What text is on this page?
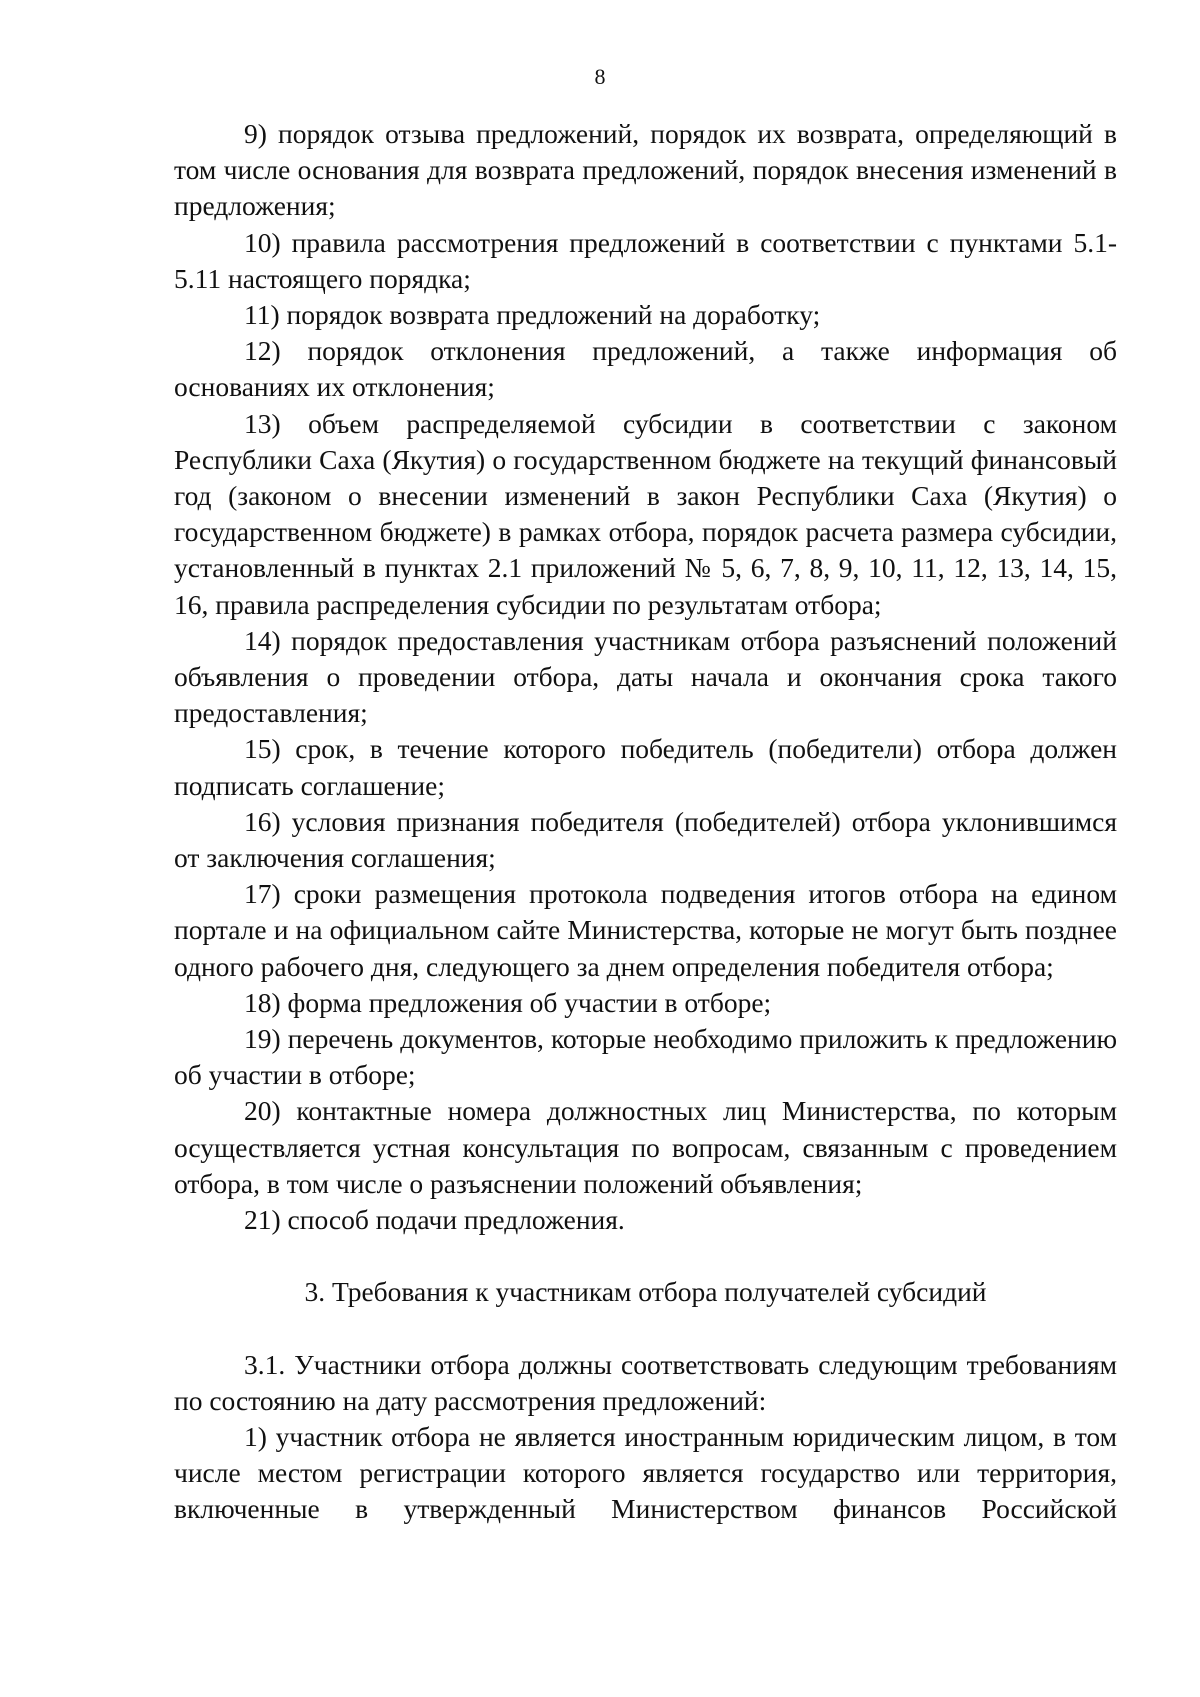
8

9) порядок отзыва предложений, порядок их возврата, определяющий в том числе основания для возврата предложений, порядок внесения изменений в предложения;

10) правила рассмотрения предложений в соответствии с пунктами 5.1-5.11 настоящего порядка;

11) порядок возврата предложений на доработку;

12) порядок отклонения предложений, а также информация об основаниях их отклонения;

13) объем распределяемой субсидии в соответствии с законом Республики Саха (Якутия) о государственном бюджете на текущий финансовый год (законом о внесении изменений в закон Республики Саха (Якутия) о государственном бюджете) в рамках отбора, порядок расчета размера субсидии, установленный в пунктах 2.1 приложений № 5, 6, 7, 8, 9, 10, 11, 12, 13, 14, 15, 16, правила распределения субсидии по результатам отбора;

14) порядок предоставления участникам отбора разъяснений положений объявления о проведении отбора, даты начала и окончания срока такого предоставления;

15) срок, в течение которого победитель (победители) отбора должен подписать соглашение;

16) условия признания победителя (победителей) отбора уклонившимся от заключения соглашения;

17) сроки размещения протокола подведения итогов отбора на едином портале и на официальном сайте Министерства, которые не могут быть позднее одного рабочего дня, следующего за днем определения победителя отбора;

18) форма предложения об участии в отборе;

19) перечень документов, которые необходимо приложить к предложению об участии в отборе;

20) контактные номера должностных лиц Министерства, по которым осуществляется устная консультация по вопросам, связанным с проведением отбора, в том числе о разъяснении положений объявления;

21) способ подачи предложения.

3. Требования к участникам отбора получателей субсидий

3.1. Участники отбора должны соответствовать следующим требованиям по состоянию на дату рассмотрения предложений:

1) участник отбора не является иностранным юридическим лицом, в том числе местом регистрации которого является государство или территория, включенные в утвержденный Министерством финансов Российской
